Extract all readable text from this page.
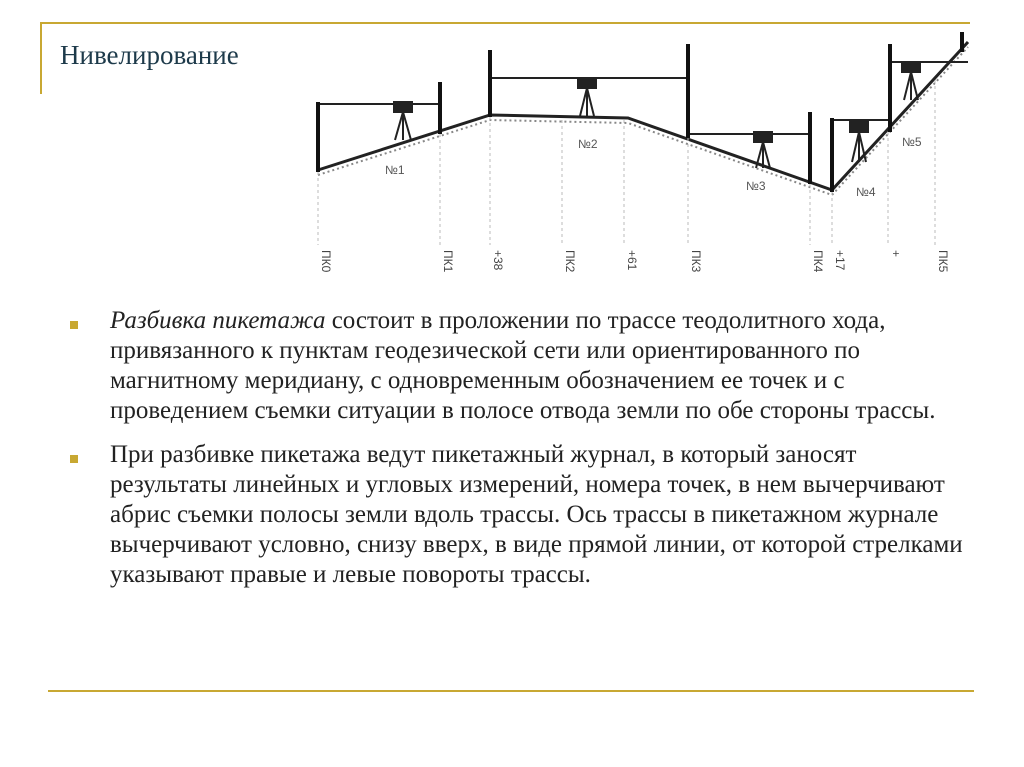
Нивелирование
№1
№2
№3	№4
№5
ПК0	ПК1	+38	ПК2	+61	ПК3	ПК4 +17	+	ПК5
Разбивка пикетажа состоит в проложении по трассе теодолитного хода, привязанного к пунктам геодезической сети или ориентированного по магнитному меридиану, с одновременным обозначением ее точек и с проведением съемки ситуации в полосе отвода земли по обе стороны трассы.
При разбивке пикетажа ведут пикетажный журнал, в который заносят результаты линейных и угловых измерений, номера точек, в нем вычерчивают абрис съемки полосы земли вдоль трассы. Ось трассы в пикетажном журнале вычерчивают условно, снизу вверх, в виде прямой линии, от которой стрелками указывают правые и левые повороты трассы.
